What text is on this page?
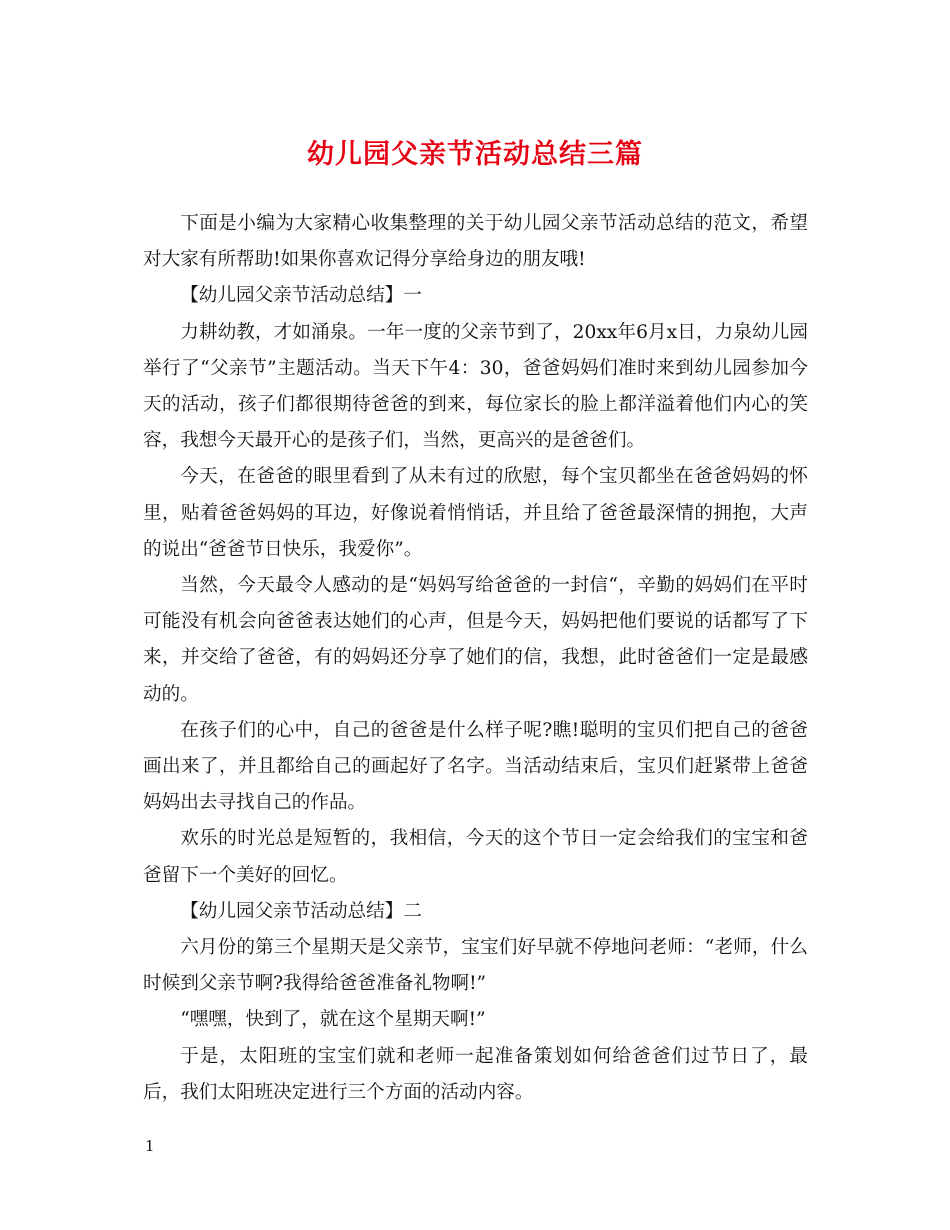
幼儿园父亲节活动总结三篇

下面是小编为大家精心收集整理的关于幼儿园父亲节活动总结的范文，希望对大家有所帮助!如果你喜欢记得分享给身边的朋友哦!

【幼儿园父亲节活动总结】一

力耕幼教，才如涌泉。一年一度的父亲节到了，20xx年6月x日，力泉幼儿园举行了“父亲节”主题活动。当天下午4：30，爸爸妈妈们准时来到幼儿园参加今天的活动，孩子们都很期待爸爸的到来，每位家长的脸上都洋溢着他们内心的笑容，我想今天最开心的是孩子们，当然，更高兴的是爸爸们。

今天，在爸爸的眼里看到了从未有过的欣慰，每个宝贝都坐在爸爸妈妈的怀里，贴着爸爸妈妈的耳边，好像说着悄悄话，并且给了爸爸最深情的拥抱，大声的说出“爸爸节日快乐，我爱你”。

当然，今天最令人感动的是“妈妈写给爸爸的一封信“，辛勤的妈妈们在平时可能没有机会向爸爸表达她们的心声，但是今天，妈妈把他们要说的话都写了下来，并交给了爸爸，有的妈妈还分享了她们的信，我想，此时爸爸们一定是最感动的。

在孩子们的心中，自己的爸爸是什么样子呢?瞧!聪明的宝贝们把自己的爸爸画出来了，并且都给自己的画起好了名字。当活动结束后，宝贝们赶紧带上爸爸妈妈出去寻找自己的作品。

欢乐的时光总是短暂的，我相信，今天的这个节日一定会给我们的宝宝和爸爸留下一个美好的回忆。

【幼儿园父亲节活动总结】二

六月份的第三个星期天是父亲节，宝宝们好早就不停地问老师：“老师，什么时候到父亲节啊?我得给爸爸准备礼物啊!”

“嘿嘿，快到了，就在这个星期天啊!”

于是，太阳班的宝宝们就和老师一起准备策划如何给爸爸们过节日了，最后，我们太阳班决定进行三个方面的活动内容。

1
